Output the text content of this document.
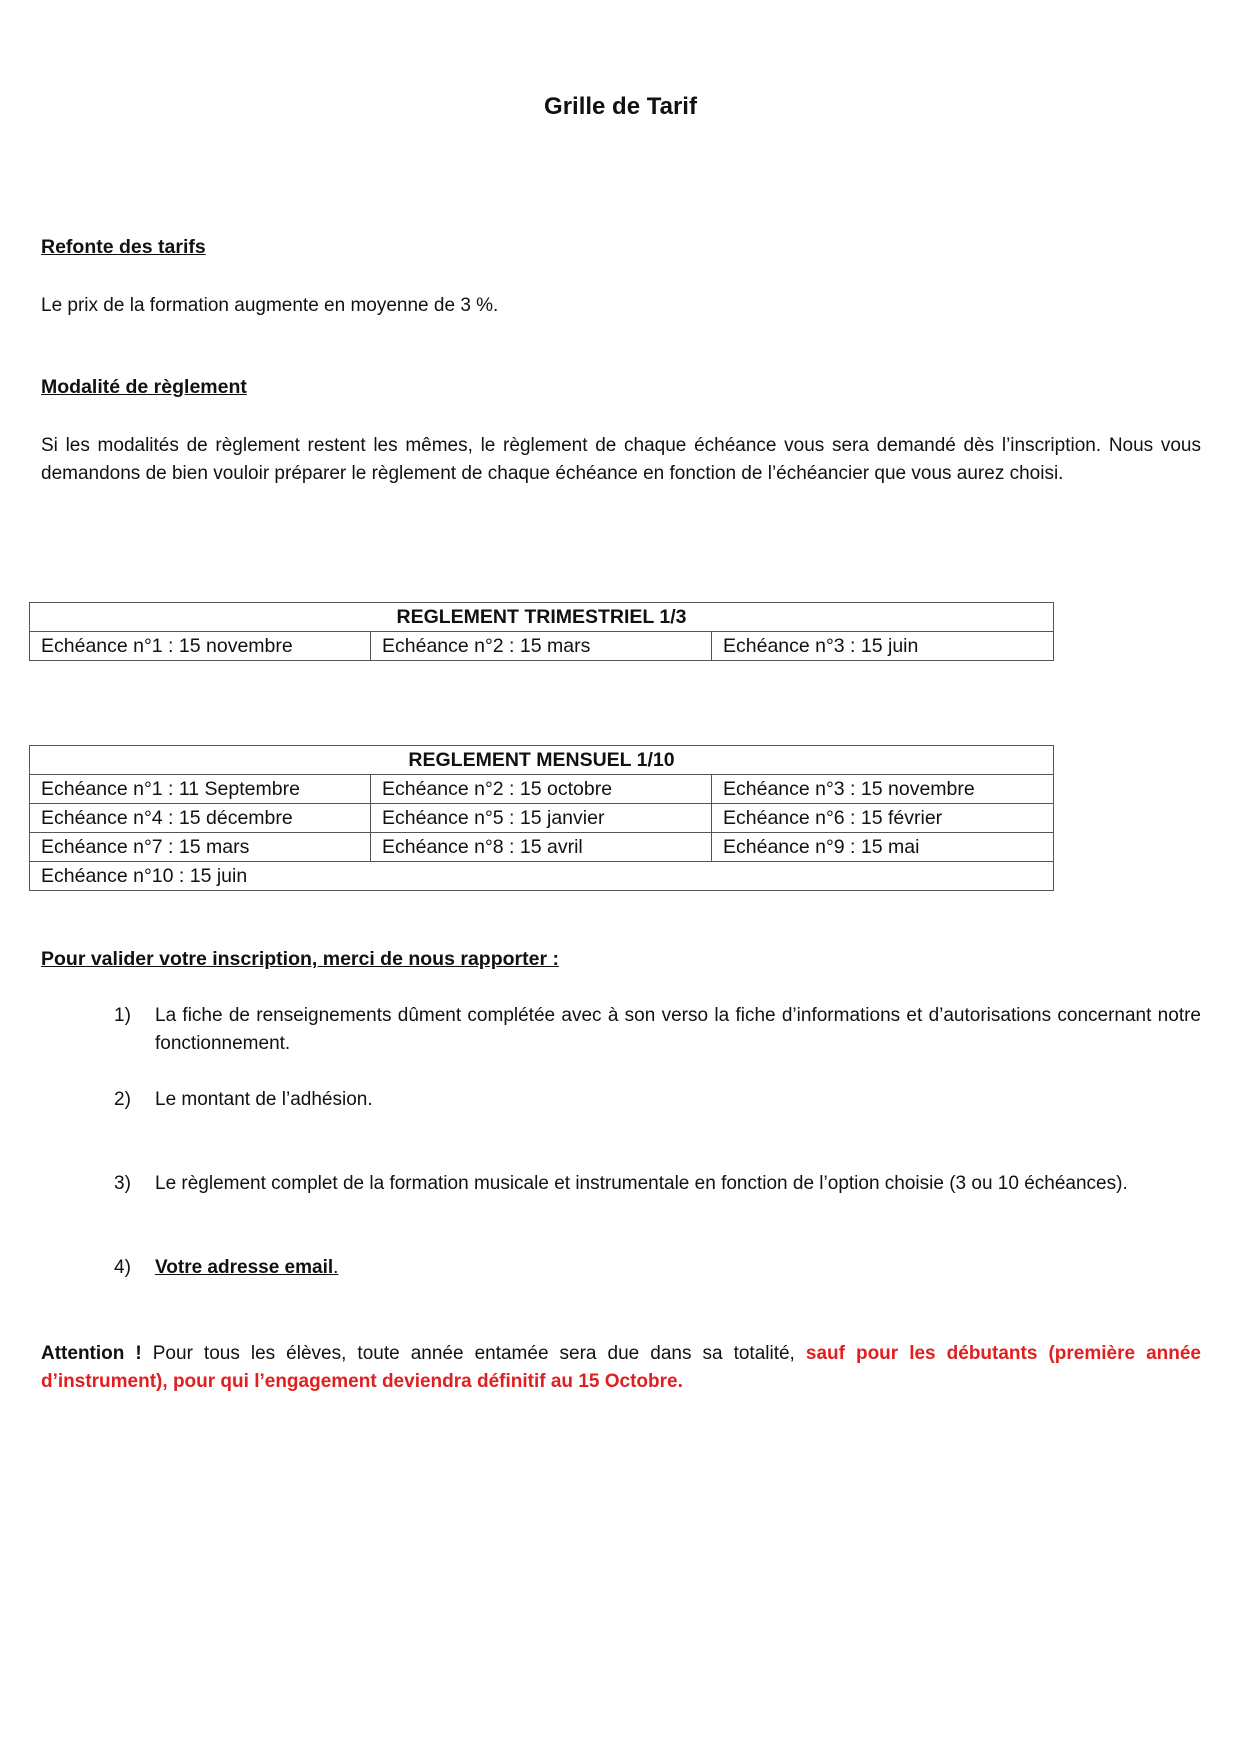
Grille de Tarif
Refonte des tarifs
Le prix de la formation augmente en moyenne de 3 %.
Modalité de règlement
Si les modalités de règlement restent les mêmes, le règlement de chaque échéance vous sera demandé dès l’inscription. Nous vous demandons de bien vouloir préparer le règlement de chaque échéance en fonction de l’échéancier que vous aurez choisi.
REGLEMENT TRIMESTRIEL 1/3
Echéance n°1 : 15 novembre	Echéance n°2 : 15 mars	Echéance n°3 : 15 juin
REGLEMENT MENSUEL 1/10		
Echéance n°1 : 11 Septembre	Echéance n°2 : 15 octobre	Echéance n°3 : 15 novembre
Echéance n°4 : 15 décembre	Echéance n°5 : 15 janvier	Echéance n°6 : 15 février
Echéance n°7 : 15 mars	Echéance n°8 : 15 avril	Echéance n°9 : 15 mai
Echéance n°10 : 15 juin		
Pour valider votre inscription, merci de nous rapporter :
1)	La fiche de renseignements dûment complétée avec à son verso la fiche d’informations et d’autorisations concernant notre fonctionnement.
2)	Le montant de l’adhésion.
3)	Le règlement complet de la formation musicale et instrumentale en fonction de l’option choisie (3 ou 10 échéances).
4)	Votre adresse email.
Attention ! Pour tous les élèves, toute année entamée sera due dans sa totalité, sauf pour les débutants (première année d’instrument), pour qui l’engagement deviendra définitif au 15 Octobre.
